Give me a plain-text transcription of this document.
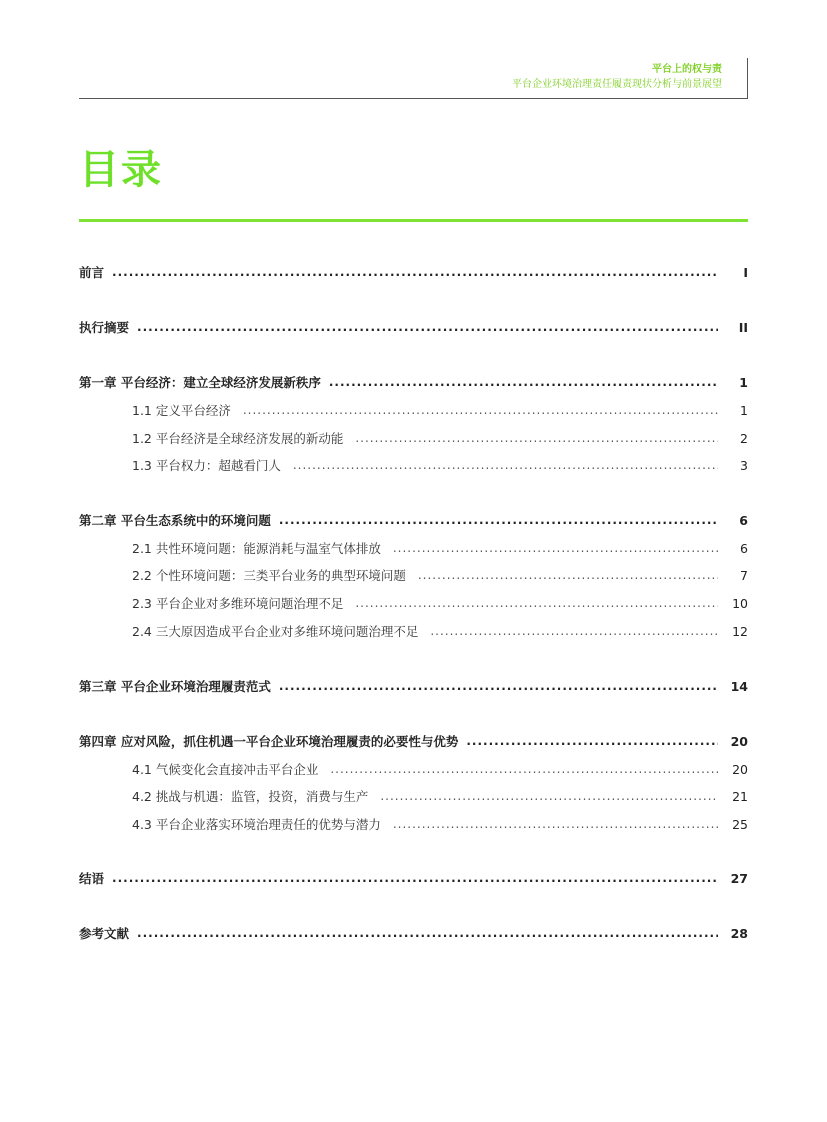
平台上的权与责
平台企业环境治理责任履责现状分析与前景展望
目录
前言 .....	I
执行摘要 .....	II
第一章 平台经济：建立全球经济发展新秩序 .....	1
1.1 定义平台经济 .....	1
1.2 平台经济是全球经济发展的新动能 .....	2
1.3 平台权力：超越看门人 .....	3
第二章 平台生态系统中的环境问题 .....	6
2.1 共性环境问题：能源消耗与温室气体排放 .....	6
2.2 个性环境问题：三类平台业务的典型环境问题 .....	7
2.3 平台企业对多维环境问题治理不足 .....	10
2.4 三大原因造成平台企业对多维环境问题治理不足 .....	12
第三章 平台企业环境治理履责范式 .....	14
第四章 应对风险，抓住机遇一平台企业环境治理履责的必要性与优势 .....	20
4.1 气候变化会直接冲击平台企业 .....	20
4.2 挑战与机遇：监管，投资，消费与生产 .....	21
4.3 平台企业落实环境治理责任的优势与潜力 .....	25
结语 .....	27
参考文献 .....	28
